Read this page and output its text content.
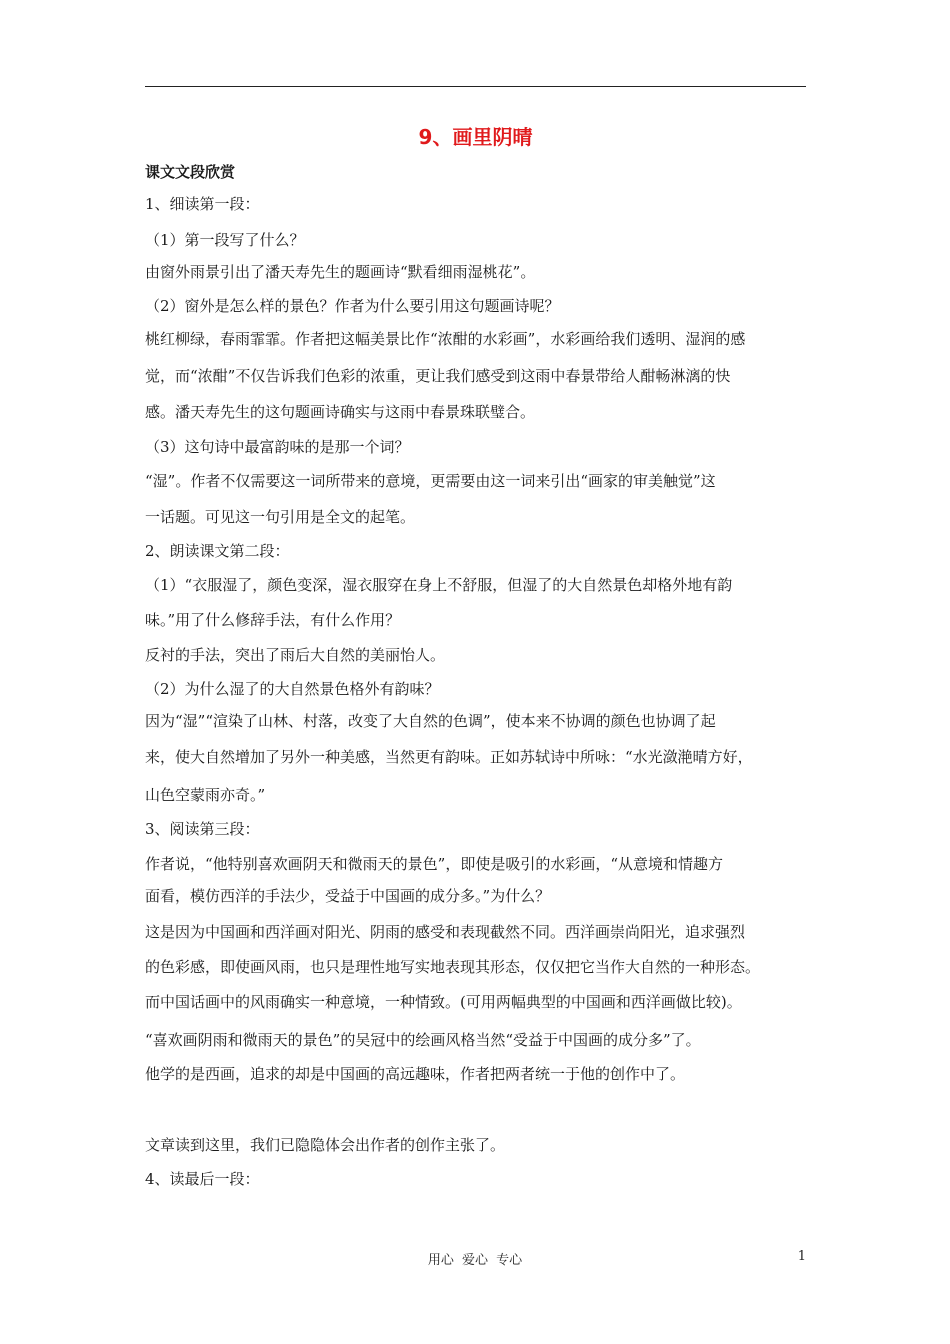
9、画里阴晴
课文文段欣赏
1、细读第一段：
（1）第一段写了什么？
由窗外雨景引出了潘天寿先生的题画诗“默看细雨湿桃花”。
（2）窗外是怎么样的景色？作者为什么要引用这句题画诗呢？
桃红柳绿，春雨霏霏。作者把这幅美景比作“浓酣的水彩画”，水彩画给我们透明、湿润的感
觉，而“浓酣”不仅告诉我们色彩的浓重，更让我们感受到这雨中春景带给人酣畅淋漓的快
感。潘天寿先生的这句题画诗确实与这雨中春景珠联璧合。
（3）这句诗中最富韵味的是那一个词？
“湿”。作者不仅需要这一词所带来的意境，更需要由这一词来引出“画家的审美触觉”这
一话题。可见这一句引用是全文的起笔。
2、朗读课文第二段：
（1）“衣服湿了，颜色变深，湿衣服穿在身上不舒服，但湿了的大自然景色却格外地有韵
味。”用了什么修辞手法，有什么作用？
反衬的手法，突出了雨后大自然的美丽怡人。
（2）为什么湿了的大自然景色格外有韵味？
因为“湿”“渲染了山林、村落，改变了大自然的色调”，使本来不协调的颜色也协调了起
来，使大自然增加了另外一种美感，当然更有韵味。正如苏轼诗中所咏：“水光潋滟晴方好，
山色空蒙雨亦奇。”
3、阅读第三段：
作者说，“他特别喜欢画阴天和微雨天的景色”，即使是吸引的水彩画，“从意境和情趣方
面看，模仿西洋的手法少，受益于中国画的成分多。”为什么？
这是因为中国画和西洋画对阳光、阴雨的感受和表现截然不同。西洋画崇尚阳光，追求强烈
的色彩感，即使画风雨，也只是理性地写实地表现其形态，仅仅把它当作大自然的一种形态。
而中国话画中的风雨确实一种意境，一种情致。(可用两幅典型的中国画和西洋画做比较)。
“喜欢画阴雨和微雨天的景色”的吴冠中的绘画风格当然“受益于中国画的成分多”了。
他学的是西画，追求的却是中国画的高远趣味，作者把两者统一于他的创作中了。
文章读到这里，我们已隐隐体会出作者的创作主张了。
4、读最后一段：
用心 爱心 专心	1
